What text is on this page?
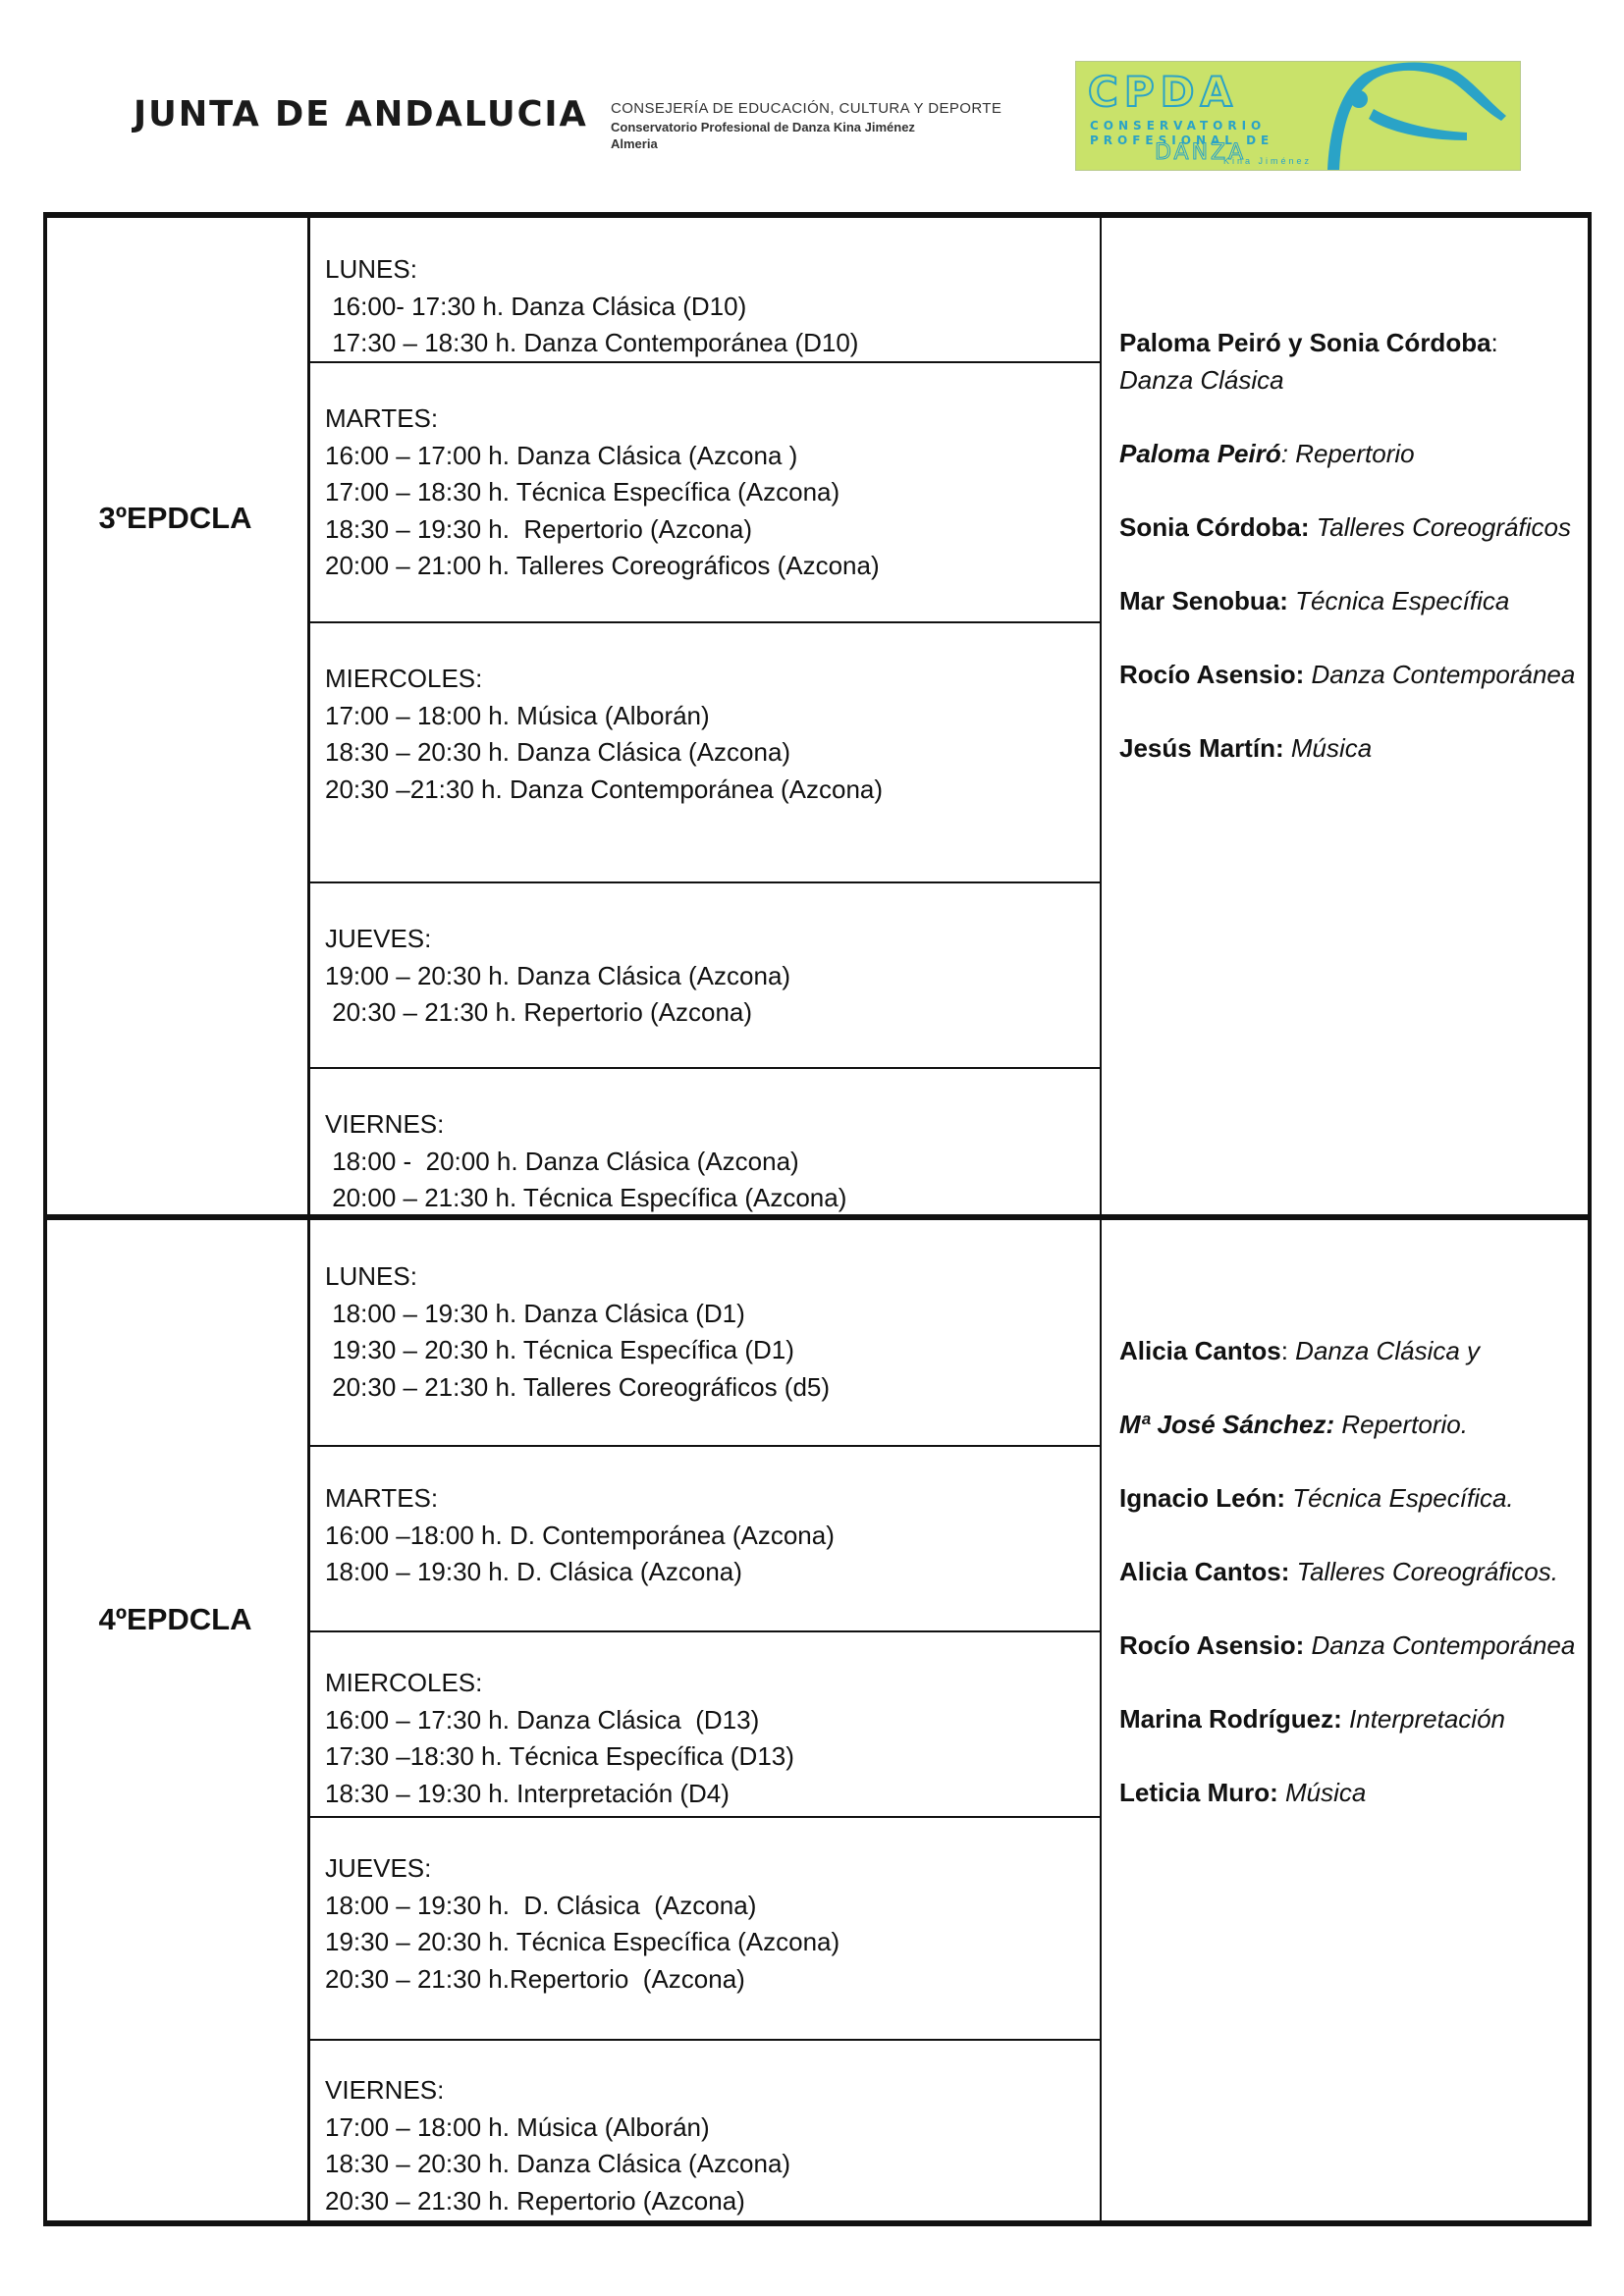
JUNTA DE ANDALUCIA CONSEJERÍA DE EDUCACIÓN, CULTURA Y DEPORTE
Conservatorio Profesional de Danza Kina Jiménez
Almeria
CPDA
CONSERVATORIO
PROFESIONAL DE
DANZA
Kina Jiménez
3ºEPDCLA
LUNES:
16:00- 17:30 h. Danza Clásica (D10)
17:30 – 18:30 h. Danza Contemporánea (D10)
MARTES:
16:00 – 17:00 h. Danza Clásica (Azcona )
17:00 – 18:30 h. Técnica Específica (Azcona)
18:30 – 19:30 h.  Repertorio (Azcona)
20:00 – 21:00 h. Talleres Coreográficos (Azcona)
MIERCOLES:
17:00 – 18:00 h. Música (Alborán)
18:30 – 20:30 h. Danza Clásica (Azcona)
20:30 –21:30 h. Danza Contemporánea (Azcona)
JUEVES:
19:00 – 20:30 h. Danza Clásica (Azcona)
20:30 – 21:30 h. Repertorio (Azcona)
VIERNES:
18:00 -  20:00 h. Danza Clásica (Azcona)
20:00 – 21:30 h. Técnica Específica (Azcona)

Paloma Peiró y Sonia Córdoba:
Danza Clásica

Paloma Peiró: Repertorio

Sonia Córdoba: Talleres Coreográficos

Mar Senobua: Técnica Específica

Rocío Asensio: Danza Contemporánea

Jesús Martín: Música

4ºEPDCLA
LUNES:
18:00 – 19:30 h. Danza Clásica (D1)
19:30 – 20:30 h. Técnica Específica (D1)
20:30 – 21:30 h. Talleres Coreográficos (d5)
MARTES:
16:00 –18:00 h. D. Contemporánea (Azcona)
18:00 – 19:30 h. D. Clásica (Azcona)
MIERCOLES:
16:00 – 17:30 h. Danza Clásica  (D13)
17:30 –18:30 h. Técnica Específica (D13)
18:30 – 19:30 h. Interpretación (D4)
JUEVES:
18:00 – 19:30 h.  D. Clásica  (Azcona)
19:30 – 20:30 h. Técnica Específica (Azcona)
20:30 – 21:30 h.Repertorio  (Azcona)
VIERNES:
17:00 – 18:00 h. Música (Alborán)
18:30 – 20:30 h. Danza Clásica (Azcona)
20:30 – 21:30 h. Repertorio (Azcona)

Alicia Cantos: Danza Clásica y

Mª José Sánchez: Repertorio.

Ignacio León: Técnica Específica.

Alicia Cantos: Talleres Coreográficos.

Rocío Asensio: Danza Contemporánea

Marina Rodríguez: Interpretación

Leticia Muro: Música
